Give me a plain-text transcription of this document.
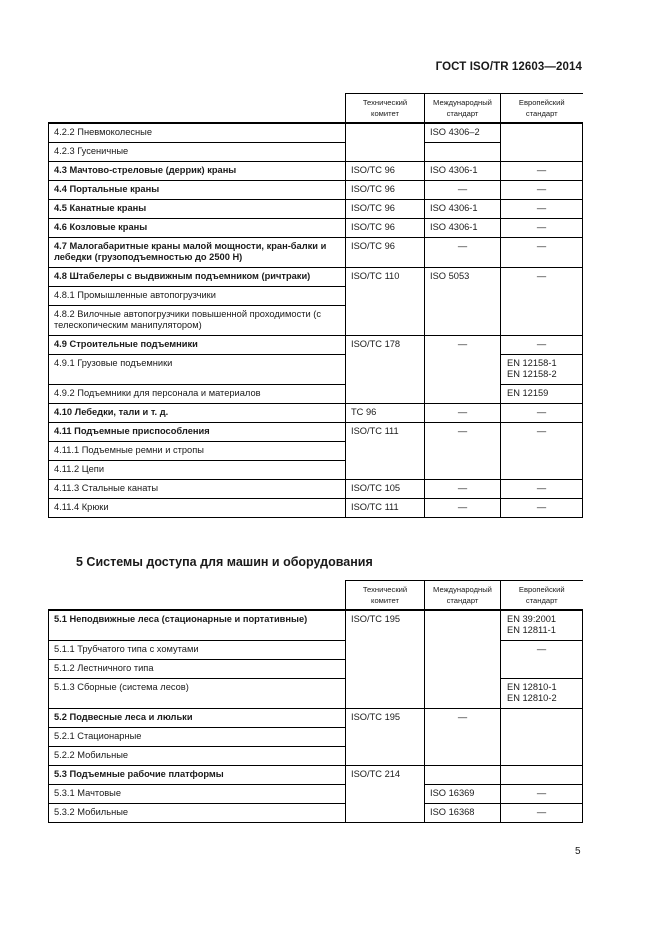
ГОСТ ISO/TR 12603—2014
	Технический комитет	Международный стандарт	Европейский стандарт
4.2.2 Пневмоколесные		ISO 4306–2	
4.2.3 Гусеничные			
4.3 Мачтово-стреловые (деррик) краны	ISO/TC 96	ISO 4306-1	—
4.4 Портальные краны	ISO/TC 96	—	—
4.5 Канатные краны	ISO/TC 96	ISO 4306-1	—
4.6 Козловые краны	ISO/TC 96	ISO 4306-1	—
4.7 Малогабаритные краны малой мощности, кран-балки и лебедки (грузоподъемностью до 2500 Н)	ISO/TC 96	—	—
4.8 Штабелеры с выдвижным подъемником (ричтраки)	ISO/TC 110	ISO 5053	—
4.8.1 Промышленные автопогрузчики			
4.8.2 Вилочные автопогрузчики повышенной проходимости (с телескопическим манипулятором)			
4.9 Строительные подъемники	ISO/TC 178	—	—
4.9.1 Грузовые подъемники			EN 12158-1
EN 12158-2

4.9.2 Подъемники для персонала и материалов			EN 12159
4.10 Лебедки, тали и т. д.	TC 96	—	—
4.11 Подъемные приспособления	ISO/TC 111	—	—
4.11.1 Подъемные ремни и стропы			
4.11.2 Цепи			
4.11.3 Стальные канаты	ISO/TC 105	—	—
4.11.4 Крюки	ISO/TC 111	—	—
5 Системы доступа для машин и оборудования
	Технический комитет	Международный стандарт	Европейский стандарт
5.1 Неподвижные леса (стационарные и портативные)	ISO/TC 195		EN 39:2001
EN 12811-1

5.1.1 Трубчатого типа с хомутами			—
5.1.2 Лестничного типа			
5.1.3 Сборные (система лесов)			EN 12810-1
EN 12810-2

5.2 Подвесные леса и люльки	ISO/TC 195	—	
5.2.1 Стационарные			
5.2.2 Мобильные			
5.3 Подъемные рабочие платформы	ISO/TC 214		
5.3.1 Мачтовые		ISO 16369	—
5.3.2 Мобильные		ISO 16368	—
5
